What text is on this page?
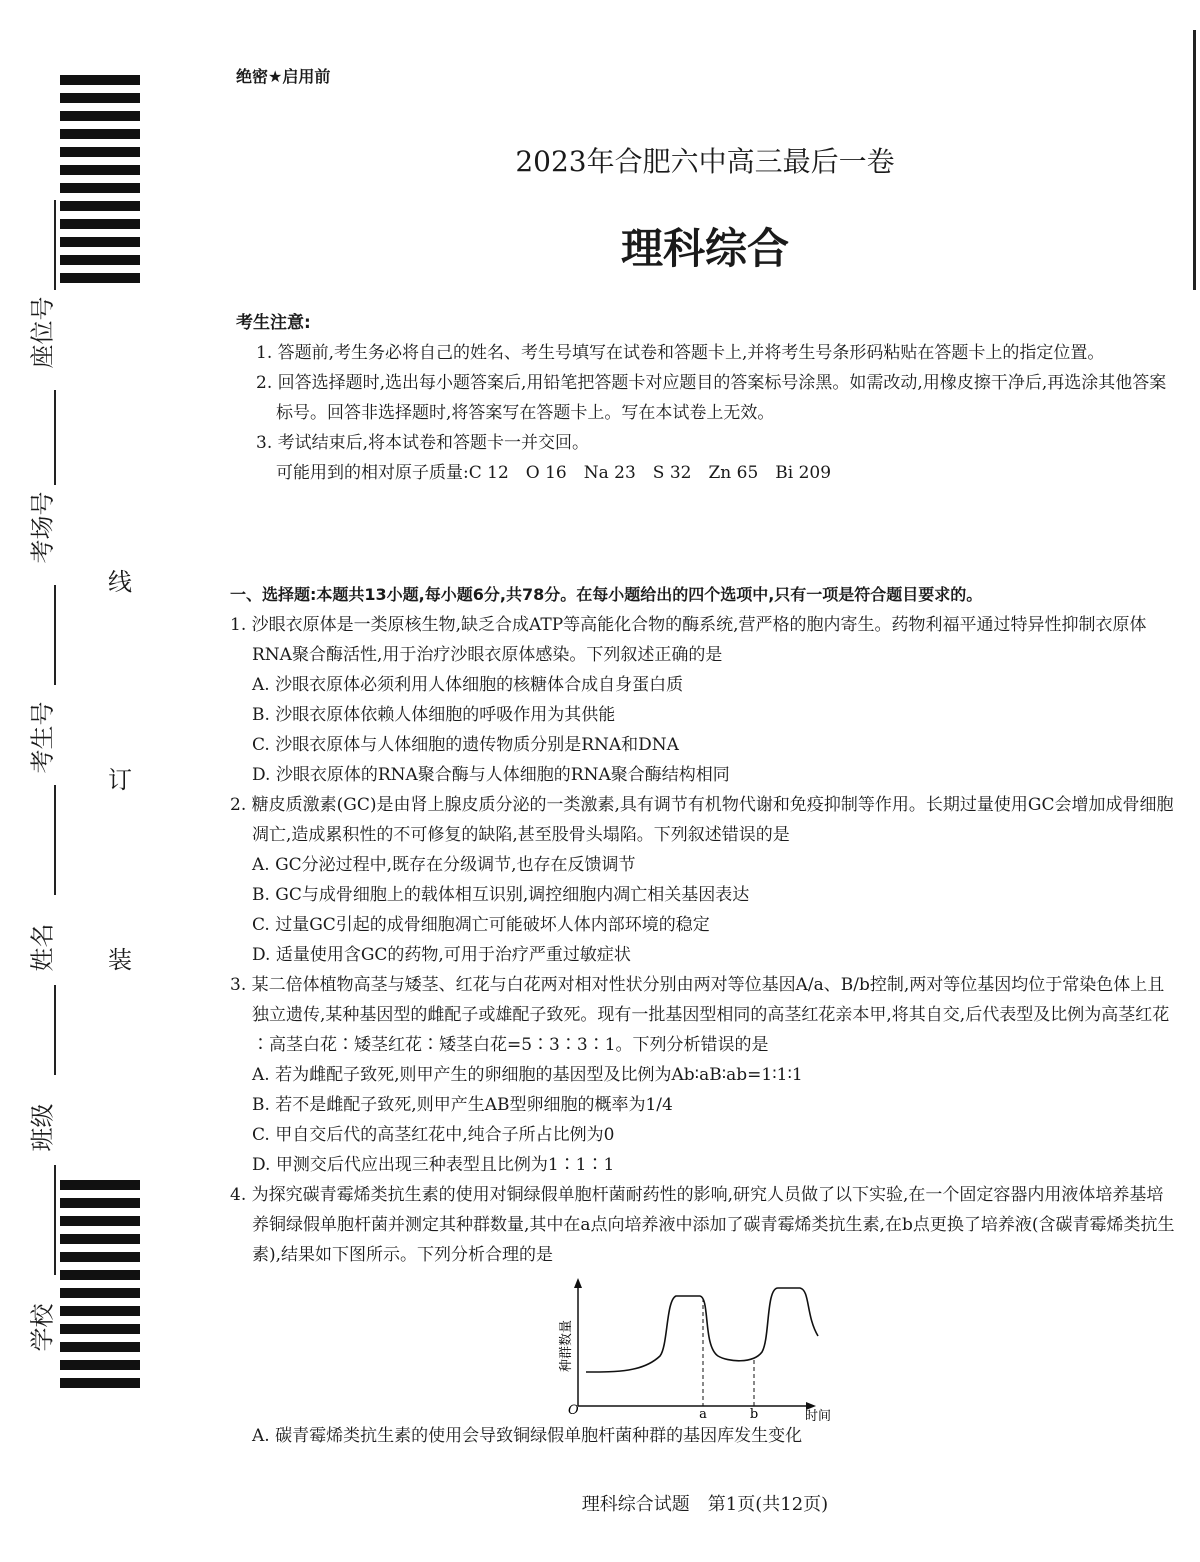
座位号
考场号
考生号
姓名
班级
学校
线
订
装
绝密★启用前
2023年合肥六中高三最后一卷
理科综合
考生注意:
1. 答题前,考生务必将自己的姓名、考生号填写在试卷和答题卡上,并将考生号条形码粘贴在答题卡上的指定位置。
2. 回答选择题时,选出每小题答案后,用铅笔把答题卡对应题目的答案标号涂黑。如需改动,用橡皮擦干净后,再选涂其他答案标号。回答非选择题时,将答案写在答题卡上。写在本试卷上无效。
3. 考试结束后,将本试卷和答题卡一并交回。
可能用到的相对原子质量:C 12　O 16　Na 23　S 32　Zn 65　Bi 209
一、选择题:本题共13小题,每小题6分,共78分。在每小题给出的四个选项中,只有一项是符合题目要求的。
1. 沙眼衣原体是一类原核生物,缺乏合成ATP等高能化合物的酶系统,营严格的胞内寄生。药物利福平通过特异性抑制衣原体RNA聚合酶活性,用于治疗沙眼衣原体感染。下列叙述正确的是
A. 沙眼衣原体必须利用人体细胞的核糖体合成自身蛋白质
B. 沙眼衣原体依赖人体细胞的呼吸作用为其供能
C. 沙眼衣原体与人体细胞的遗传物质分别是RNA和DNA
D. 沙眼衣原体的RNA聚合酶与人体细胞的RNA聚合酶结构相同
2. 糖皮质激素(GC)是由肾上腺皮质分泌的一类激素,具有调节有机物代谢和免疫抑制等作用。长期过量使用GC会增加成骨细胞凋亡,造成累积性的不可修复的缺陷,甚至股骨头塌陷。下列叙述错误的是
A. GC分泌过程中,既存在分级调节,也存在反馈调节
B. GC与成骨细胞上的载体相互识别,调控细胞内凋亡相关基因表达
C. 过量GC引起的成骨细胞凋亡可能破坏人体内部环境的稳定
D. 适量使用含GC的药物,可用于治疗严重过敏症状
3. 某二倍体植物高茎与矮茎、红花与白花两对相对性状分别由两对等位基因A/a、B/b控制,两对等位基因均位于常染色体上且独立遗传,某种基因型的雌配子或雄配子致死。现有一批基因型相同的高茎红花亲本甲,将其自交,后代表型及比例为高茎红花∶高茎白花∶矮茎红花∶矮茎白花=5∶3∶3∶1。下列分析错误的是
A. 若为雌配子致死,则甲产生的卵细胞的基因型及比例为Ab∶aB∶ab=1∶1∶1
B. 若不是雌配子致死,则甲产生AB型卵细胞的概率为1/4
C. 甲自交后代的高茎红花中,纯合子所占比例为0
D. 甲测交后代应出现三种表型且比例为1∶1∶1
4. 为探究碳青霉烯类抗生素的使用对铜绿假单胞杆菌耐药性的影响,研究人员做了以下实验,在一个固定容器内用液体培养基培养铜绿假单胞杆菌并测定其种群数量,其中在a点向培养液中添加了碳青霉烯类抗生素,在b点更换了培养液(含碳青霉烯类抗生素),结果如下图所示。下列分析合理的是
种群数量
O	a	b	时间
A. 碳青霉烯类抗生素的使用会导致铜绿假单胞杆菌种群的基因库发生变化
理科综合试题　第1页(共12页)
